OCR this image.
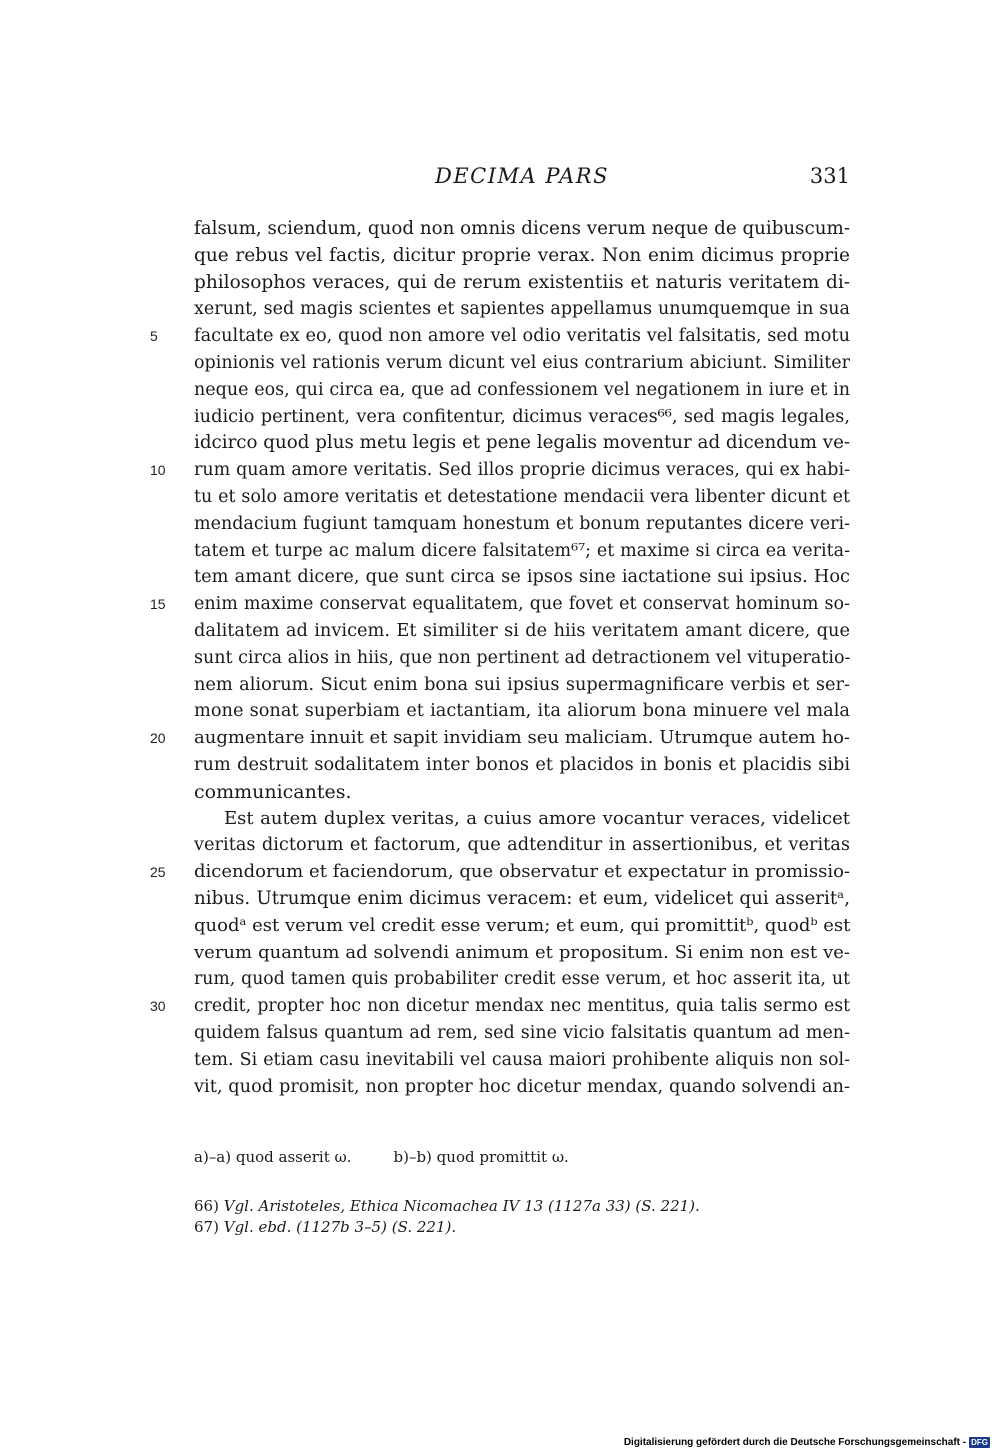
DECIMA PARS	331
falsum, sciendum, quod non omnis dicens verum neque de quibuscum-
que rebus vel factis, dicitur proprie verax. Non enim dicimus proprie
philosophos veraces, qui de rerum existentiis et naturis veritatem di-
xerunt, sed magis scientes et sapientes appellamus unumquemque in sua
5	facultate ex eo, quod non amore vel odio veritatis vel falsitatis, sed motu
opinionis vel rationis verum dicunt vel eius contrarium abiciunt. Similiter
neque eos, qui circa ea, que ad confessionem vel negationem in iure et in
iudicio pertinent, vera confitentur, dicimus veraces⁶⁶, sed magis legales,
idcirco quod plus metu legis et pene legalis moventur ad dicendum ve-
10	rum quam amore veritatis. Sed illos proprie dicimus veraces, qui ex habi-
tu et solo amore veritatis et detestatione mendacii vera libenter dicunt et
mendacium fugiunt tamquam honestum et bonum reputantes dicere veri-
tatem et turpe ac malum dicere falsitatem⁶⁷; et maxime si circa ea verita-
tem amant dicere, que sunt circa se ipsos sine iactatione sui ipsius. Hoc
15	enim maxime conservat equalitatem, que fovet et conservat hominum so-
dalitatem ad invicem. Et similiter si de hiis veritatem amant dicere, que
sunt circa alios in hiis, que non pertinent ad detractionem vel vituperatio-
nem aliorum. Sicut enim bona sui ipsius supermagnificare verbis et ser-
mone sonat superbiam et iactantiam, ita aliorum bona minuere vel mala
20	augmentare innuit et sapit invidiam seu maliciam. Utrumque autem ho-
rum destruit sodalitatem inter bonos et placidos in bonis et placidis sibi
communicantes.
Est autem duplex veritas, a cuius amore vocantur veraces, videlicet
veritas dictorum et factorum, que adtenditur in assertionibus, et veritas
25	dicendorum et faciendorum, que observatur et expectatur in promissio-
nibus. Utrumque enim dicimus veracem: et eum, videlicet qui asseritᵃ,
quodᵃ est verum vel credit esse verum; et eum, qui promittitᵇ, quodᵇ est
verum quantum ad solvendi animum et propositum. Si enim non est ve-
rum, quod tamen quis probabiliter credit esse verum, et hoc asserit ita, ut
30	credit, propter hoc non dicetur mendax nec mentitus, quia talis sermo est
quidem falsus quantum ad rem, sed sine vicio falsitatis quantum ad men-
tem. Si etiam casu inevitabili vel causa maiori prohibente aliquis non sol-
vit, quod promisit, non propter hoc dicetur mendax, quando solvendi an-
a)–a) quod asserit ω.	b)–b) quod promittit ω.
66) Vgl. Aristoteles, Ethica Nicomachea IV 13 (1127a 33) (S. 221).
67) Vgl. ebd. (1127b 3–5) (S. 221).
Digitalisierung gefördert durch die Deutsche Forschungsgemeinschaft - DFG
